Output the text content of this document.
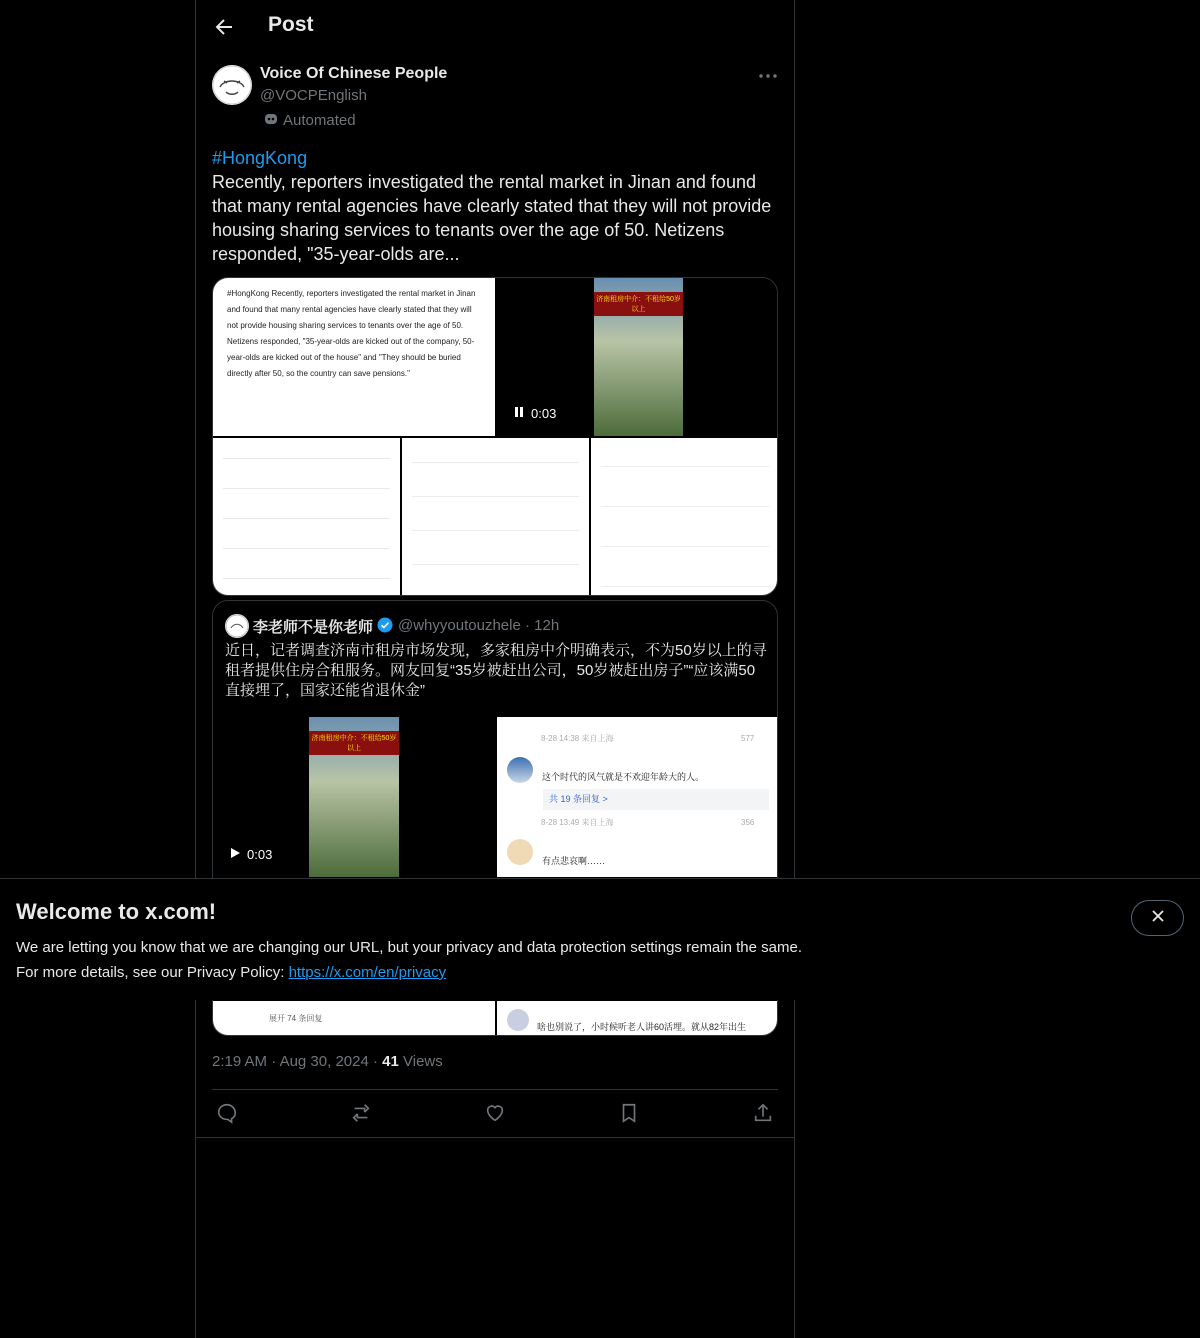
Post
Voice Of Chinese People
@VOCPEnglish
Automated
#HongKong
Recently, reporters investigated the rental market in Jinan and found that many rental agencies have clearly stated that they will not provide housing sharing services to tenants over the age of 50. Netizens responded, "35-year-olds are...
#HongKong Recently, reporters investigated the rental market in Jinan and found that many rental agencies have clearly stated that they will not provide housing sharing services to tenants over the age of 50. Netizens responded, "35-year-olds are kicked out of the company, 50-year-olds are kicked out of the house" and "They should be buried directly after 50, so the country can save pensions."
济南租房中介：不租给50岁以上
0:03
李老师不是你老师 @whyyoutouzhele · 12h
近日，记者调查济南市租房市场发现，多家租房中介明确表示，不为50岁以上的寻租者提供住房合租服务。网友回复“35岁被赶出公司，50岁被赶出房子”“应该满50直接埋了，国家还能省退休金”
济南租房中介：不租给50岁以上
0:03
8-28 14:38 来自上海	577
这个时代的风气就是不欢迎年龄大的人。
共 19 条回复 >
8-28 13:49 来自上海	356
有点悲哀啊……
展开 74 条回复
啥也别说了，小时候听老人讲60活埋。就从82年出生
2:19 AM · Aug 30, 2024 · 41 Views
Welcome to x.com!
We are letting you know that we are changing our URL, but your privacy and data protection settings remain the same.
For more details, see our Privacy Policy: https://x.com/en/privacy
